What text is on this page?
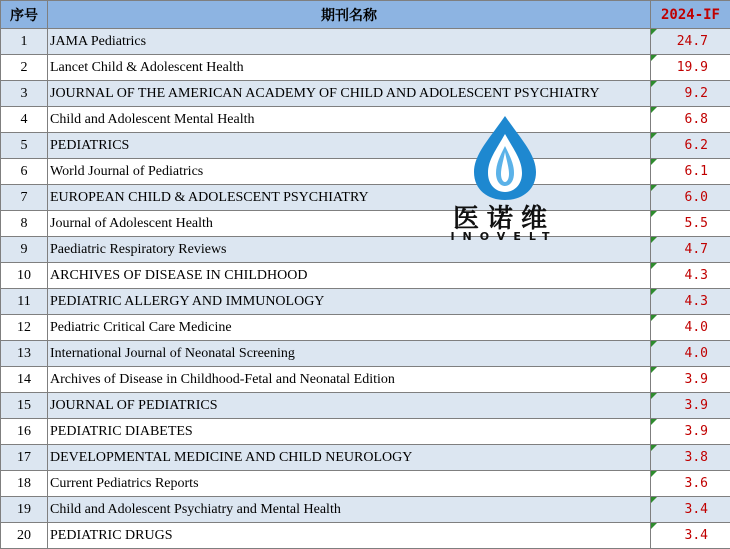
序号	期刊名称	2024-IF
1	JAMA Pediatrics	24.7
2	Lancet Child & Adolescent Health	19.9
3	JOURNAL OF THE AMERICAN ACADEMY OF CHILD AND ADOLESCENT PSYCHIATRY	9.2
4	Child and Adolescent Mental Health	6.8
5	PEDIATRICS	6.2
6	World Journal of Pediatrics	6.1
7	EUROPEAN CHILD & ADOLESCENT PSYCHIATRY	6.0
8	Journal of Adolescent Health	5.5
9	Paediatric Respiratory Reviews	4.7
10	ARCHIVES OF DISEASE IN CHILDHOOD	4.3
11	PEDIATRIC ALLERGY AND IMMUNOLOGY	4.3
12	Pediatric Critical Care Medicine	4.0
13	International Journal of Neonatal Screening	4.0
14	Archives of Disease in Childhood-Fetal and Neonatal Edition	3.9
15	JOURNAL OF PEDIATRICS	3.9
16	PEDIATRIC DIABETES	3.9
17	DEVELOPMENTAL MEDICINE AND CHILD NEUROLOGY	3.8
18	Current Pediatrics Reports	3.6
19	Child and Adolescent Psychiatry and Mental Health	3.4
20	PEDIATRIC DRUGS	3.4
医诺维
INOVELT
